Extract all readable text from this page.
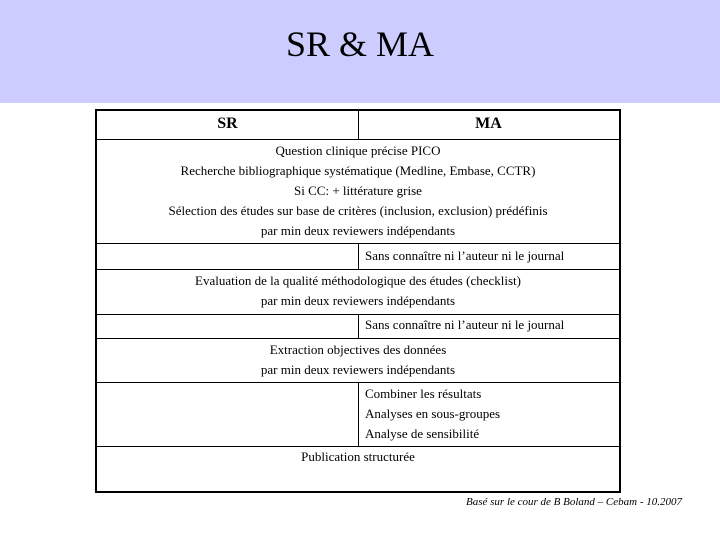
SR & MA
SR	MA
Question clinique précise PICO
Recherche bibliographique systématique (Medline, Embase, CCTR)
Si CC: + littérature grise
Sélection des études sur base de critères (inclusion, exclusion) prédéfinis
par min deux reviewers indépendants
Sans connaître ni l’auteur ni le journal
Evaluation de la qualité méthodologique des études (checklist)
par min deux reviewers indépendants
Sans connaître ni l’auteur ni le journal
Extraction objectives des données
par min deux reviewers indépendants
Combiner les résultats
Analyses en sous-groupes
Analyse de sensibilité
Publication structurée
Basé sur le cour de B Boland – Cebam - 10.2007
